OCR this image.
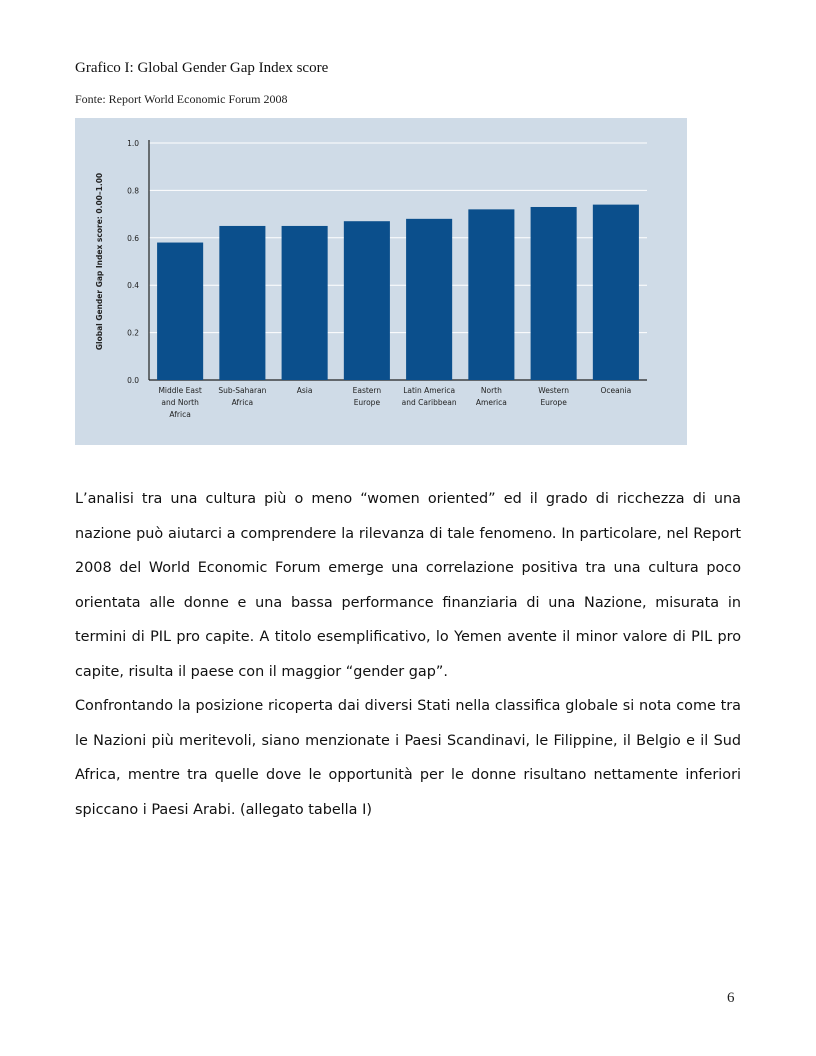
Grafico I: Global Gender Gap Index score
Fonte: Report World Economic Forum 2008
0.0
0.2
0.4
0.6
0.8
1.0
Middle East and North Africa
Sub-Saharan Africa
Asia	Eastern Europe
Latin America and Caribbean
North America
Western Europe
Oceania
Global Gender Gap Index score: 0.00–1.00

L’analisi tra una cultura più o meno “women oriented” ed il grado di ricchezza di una nazione può aiutarci a comprendere la rilevanza di tale fenomeno. In particolare, nel Report 2008 del World Economic Forum emerge una correlazione positiva tra una cultura poco orientata alle donne e una bassa performance finanziaria di una Nazione, misurata in termini di PIL pro capite. A titolo esemplificativo, lo Yemen avente il minor valore di PIL pro capite, risulta il paese con il maggior “gender gap”.

Confrontando la posizione ricoperta dai diversi Stati nella classifica globale si nota come tra le Nazioni più meritevoli, siano menzionate i Paesi Scandinavi, le Filippine, il Belgio e il Sud Africa, mentre tra quelle dove le opportunità per le donne risultano nettamente inferiori spiccano i Paesi Arabi. (allegato tabella I)

6
